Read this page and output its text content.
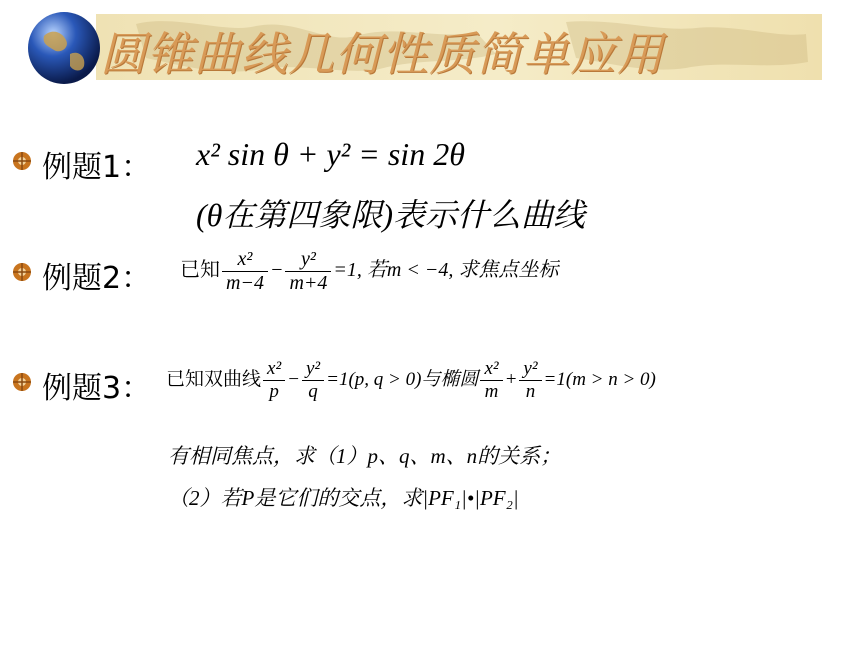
圆锥曲线几何性质简单应用
例题1： x² sin θ + y² = sin 2θ
(θ在第四象限)表示什么曲线
例题2： 已知 $\frac{\text{x²}}{m-4} - \frac{\text{y²}}{m+4} =1$, 若m < −4, 求焦点坐标
例题3： 已知双曲线 $\frac{\text{x²}}{p} - \frac{\text{y²}}{q} =1(p$, q > 0)与椭圆 $\frac{\text{x²}}{m} + \frac{\text{y²}}{n} =1(m > n > 0)$
有相同焦点，求（1）p、q、m、n的关系；
（2）若P是它们的交点，求|PF₁|•|PF₂|
